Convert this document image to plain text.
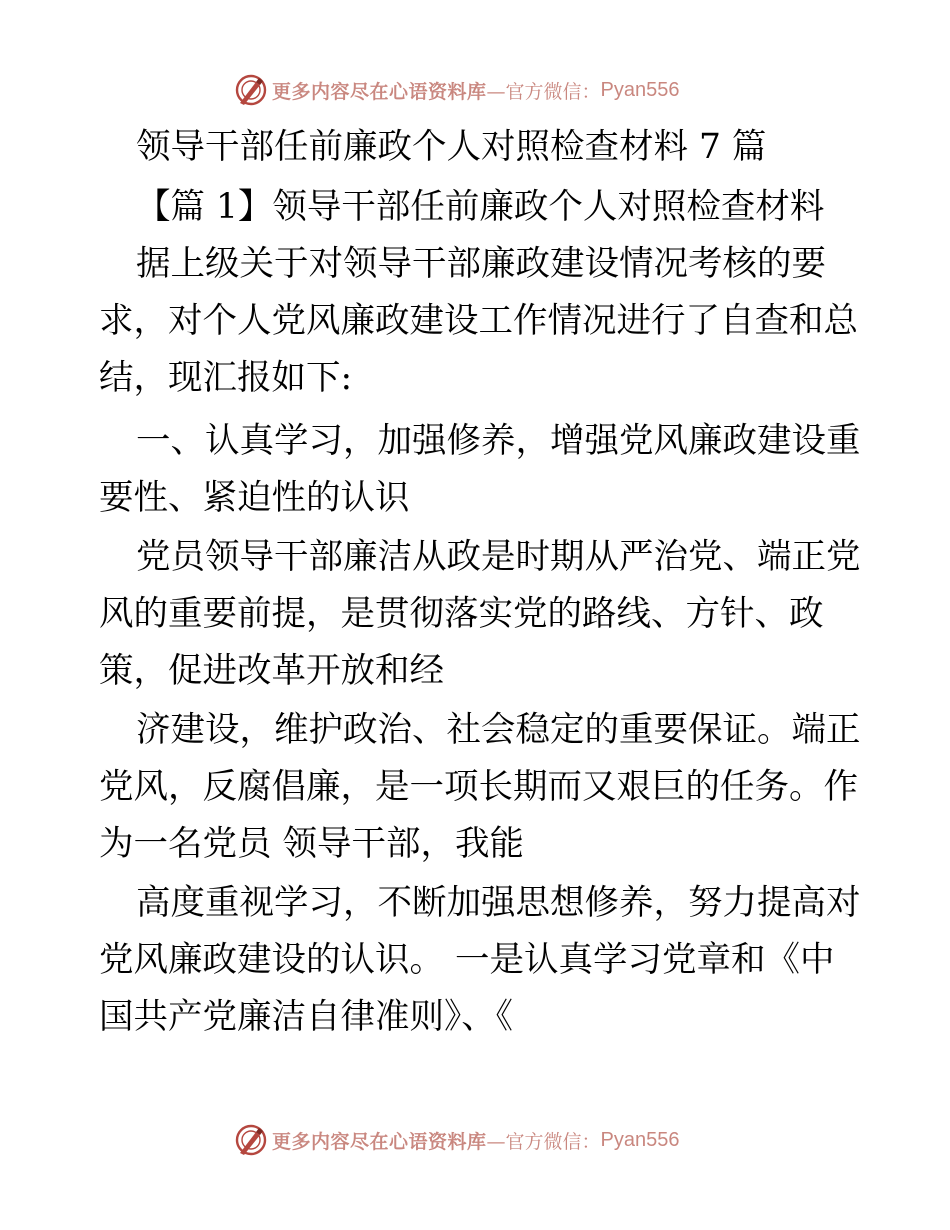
更多内容尽在心语资料库 —官方微信： Pyan556
领导干部任前廉政个人对照检查材料 7 篇
【篇 1】领导干部任前廉政个人对照检查材料
据上级关于对领导干部廉政建设情况考核的要
求，对个人党风廉政建设工作情况进行了自查和总
结，现汇报如下:
一、认真学习，加强修养，增强党风廉政建设重
要性、紧迫性的认识
党员领导干部廉洁从政是时期从严治党、端正党
风的重要前提，是贯彻落实党的路线、方针、政
策，促进改革开放和经
济建设，维护政治、社会稳定的重要保证。端正
党风，反腐倡廉，是一项长期而又艰巨的任务。作
为一名党员 领导干部，我能
高度重视学习，不断加强思想修养，努力提高对
党风廉政建设的认识。 一是认真学习党章和《中
国共产党廉洁自律准则》、《
更多内容尽在心语资料库 —官方微信： Pyan556
